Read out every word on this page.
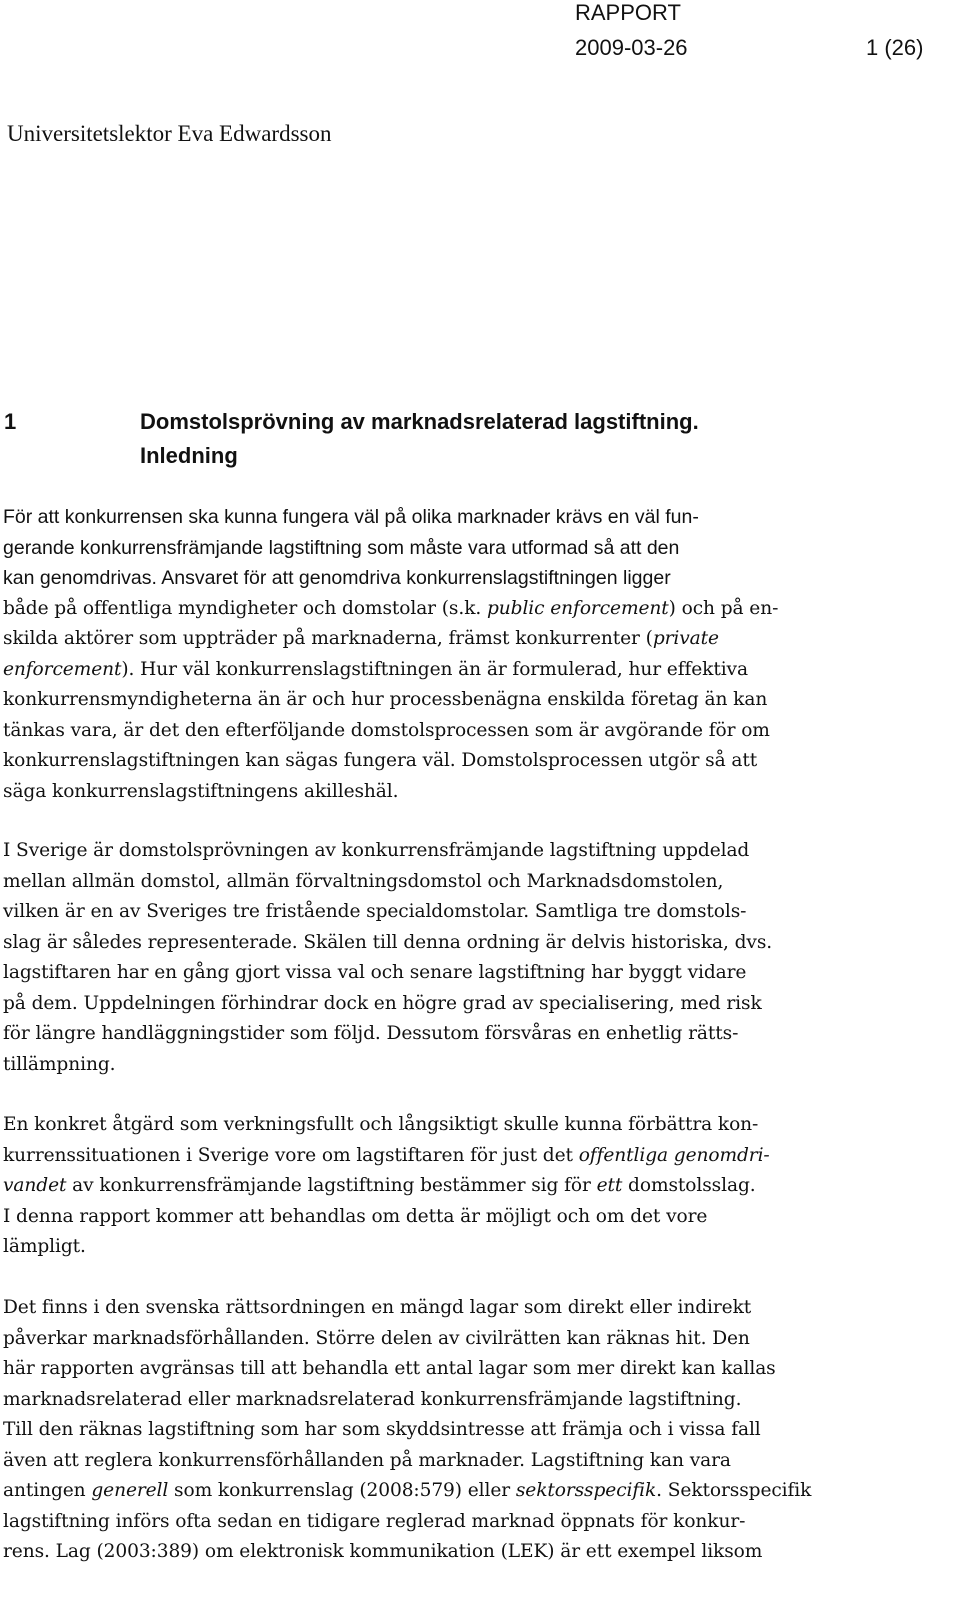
RAPPORT
2009-03-26	1 (26)
Universitetslektor Eva Edwardsson
1	Domstolsprövning av marknadsrelaterad lagstiftning.
Inledning
För att konkurrensen ska kunna fungera väl på olika marknader krävs en väl fun-
gerande konkurrensfrämjande lagstiftning som måste vara utformad så att den
kan genomdrivas. Ansvaret för att genomdriva konkurrenslagstiftningen ligger
både på offentliga myndigheter och domstolar (s.k. public enforcement) och på en-
skilda aktörer som uppträder på marknaderna, främst konkurrenter (private
enforcement). Hur väl konkurrenslagstiftningen än är formulerad, hur effektiva
konkurrensmyndigheterna än är och hur processbenägna enskilda företag än kan
tänkas vara, är det den efterföljande domstolsprocessen som är avgörande för om
konkurrenslagstiftningen kan sägas fungera väl. Domstolsprocessen utgör så att
säga konkurrenslagstiftningens akilleshäl.
I Sverige är domstolsprövningen av konkurrensfrämjande lagstiftning uppdelad
mellan allmän domstol, allmän förvaltningsdomstol och Marknadsdomstolen,
vilken är en av Sveriges tre fristående specialdomstolar. Samtliga tre domstols-
slag är således representerade. Skälen till denna ordning är delvis historiska, dvs.
lagstiftaren har en gång gjort vissa val och senare lagstiftning har byggt vidare
på dem. Uppdelningen förhindrar dock en högre grad av specialisering, med risk
för längre handläggningstider som följd. Dessutom försvåras en enhetlig rätts-
tillämpning.
En konkret åtgärd som verkningsfullt och långsiktigt skulle kunna förbättra kon-
kurrenssituationen i Sverige vore om lagstiftaren för just det offentliga genomdri-
vandet av konkurrensfrämjande lagstiftning bestämmer sig för ett domstolsslag.
I denna rapport kommer att behandlas om detta är möjligt och om det vore
lämpligt.
Det finns i den svenska rättsordningen en mängd lagar som direkt eller indirekt
påverkar marknadsförhållanden. Större delen av civilrätten kan räknas hit. Den
här rapporten avgränsas till att behandla ett antal lagar som mer direkt kan kallas
marknadsrelaterad eller marknadsrelaterad konkurrensfrämjande lagstiftning.
Till den räknas lagstiftning som har som skyddsintresse att främja och i vissa fall
även att reglera konkurrensförhållanden på marknader. Lagstiftning kan vara
antingen generell som konkurrenslag (2008:579) eller sektorsspecifik. Sektorsspecifik
lagstiftning införs ofta sedan en tidigare reglerad marknad öppnats för konkur-
rens. Lag (2003:389) om elektronisk kommunikation (LEK) är ett exempel liksom
